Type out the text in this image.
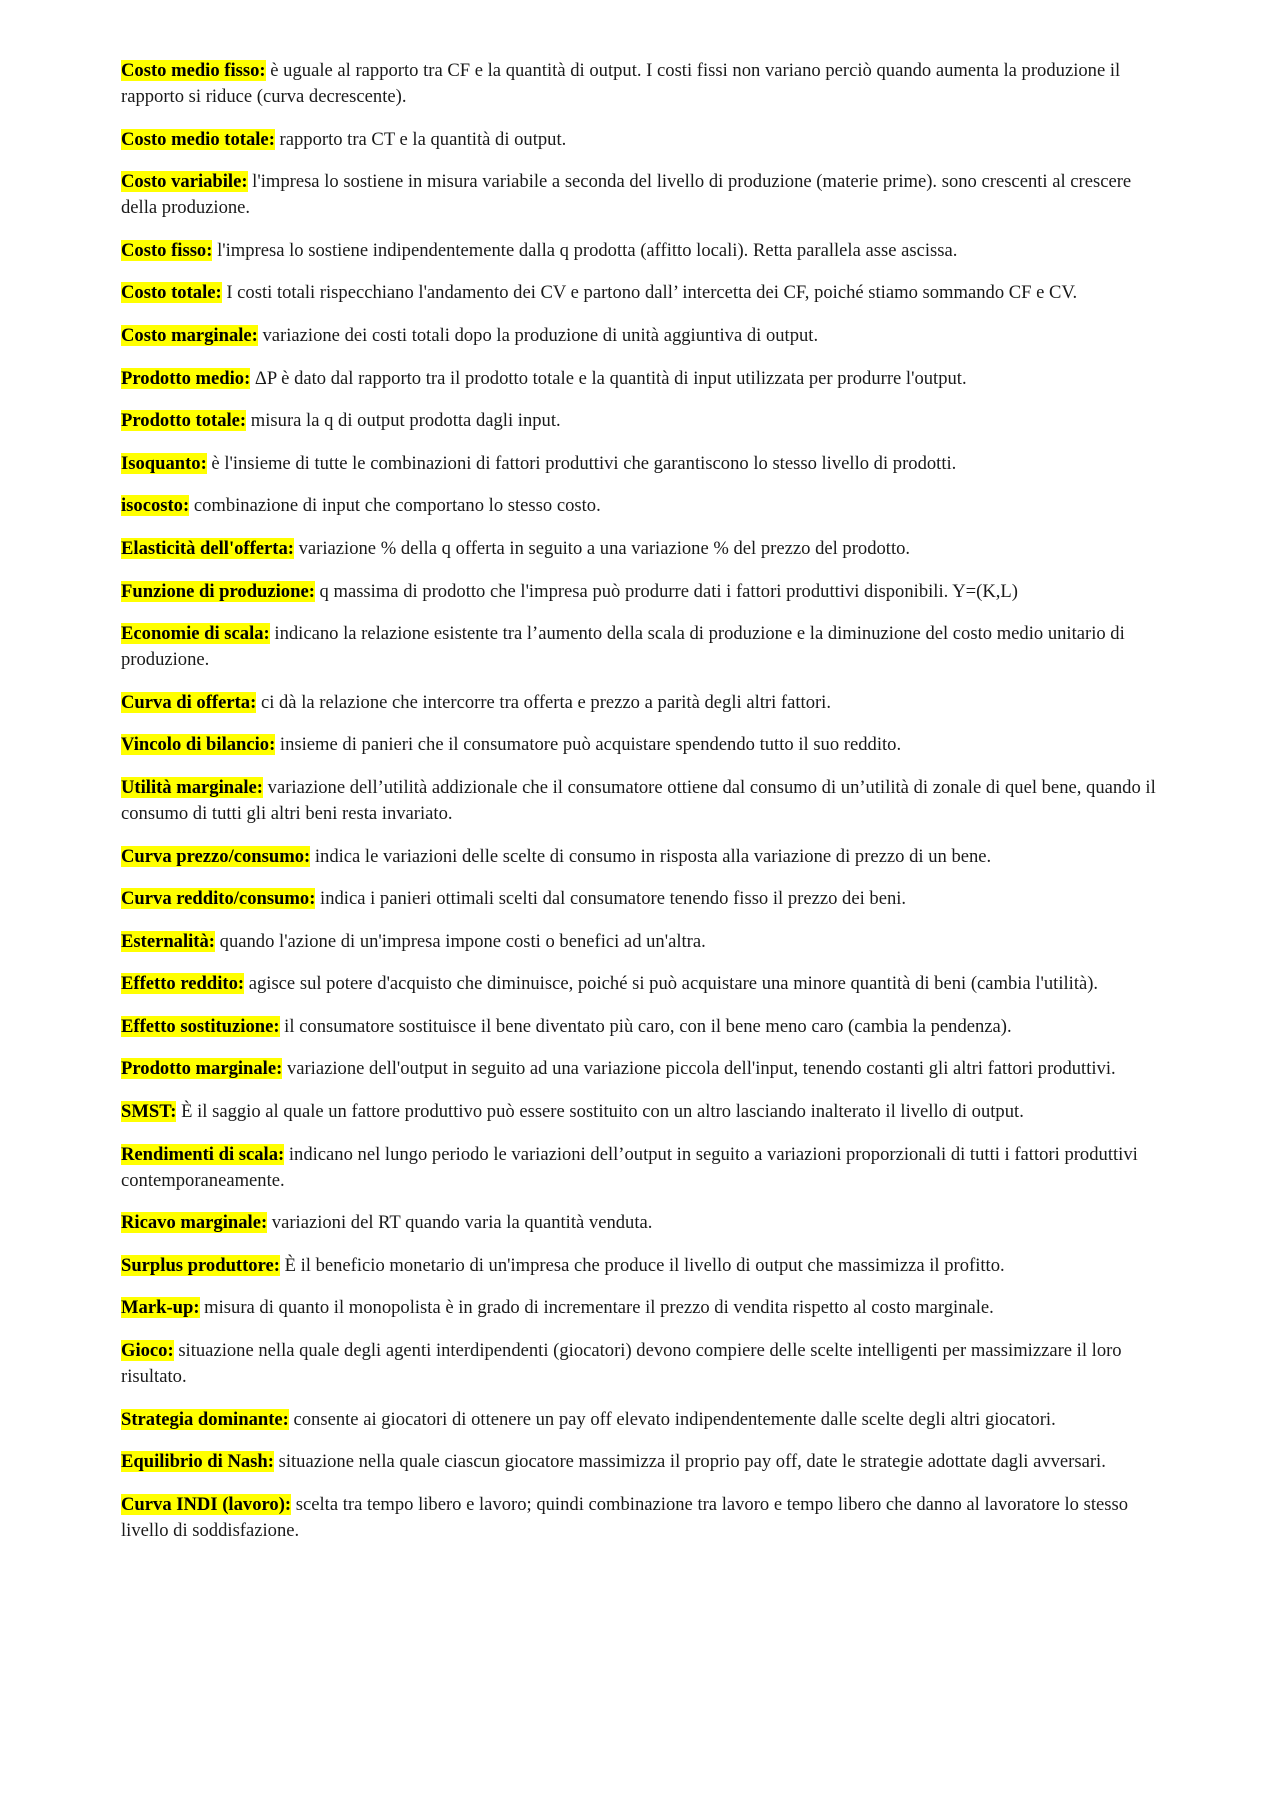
Costo medio fisso: è uguale al rapporto tra CF e la quantità di output. I costi fissi non variano perciò quando aumenta la produzione il rapporto si riduce (curva decrescente).

Costo medio totale: rapporto tra CT e la quantità di output.

Costo variabile: l'impresa lo sostiene in misura variabile a seconda del livello di produzione (materie prime). sono crescenti al crescere della produzione.

Costo fisso: l'impresa lo sostiene indipendentemente dalla q prodotta (affitto locali). Retta parallela asse ascissa.

Costo totale: I costi totali rispecchiano l'andamento dei CV e partono dall’ intercetta dei CF, poiché stiamo sommando CF e CV.

Costo marginale: variazione dei costi totali dopo la produzione di unità aggiuntiva di output.

Prodotto medio: ΔP è dato dal rapporto tra il prodotto totale e la quantità di input utilizzata per produrre l'output.

Prodotto totale: misura la q di output prodotta dagli input.

Isoquanto: è l'insieme di tutte le combinazioni di fattori produttivi che garantiscono lo stesso livello di prodotti.

isocosto: combinazione di input che comportano lo stesso costo.

Elasticità dell'offerta: variazione % della q offerta in seguito a una variazione % del prezzo del prodotto.

Funzione di produzione: q massima di prodotto che l'impresa può produrre dati i fattori produttivi disponibili. Y=(K,L)

Economie di scala: indicano la relazione esistente tra l’aumento della scala di produzione e la diminuzione del costo medio unitario di produzione.

Curva di offerta: ci dà la relazione che intercorre tra offerta e prezzo a parità degli altri fattori.

Vincolo di bilancio: insieme di panieri che il consumatore può acquistare spendendo tutto il suo reddito.

Utilità marginale: variazione dell’utilità addizionale che il consumatore ottiene dal consumo di un’utilità di zonale di quel bene, quando il consumo di tutti gli altri beni resta invariato.

Curva prezzo/consumo: indica le variazioni delle scelte di consumo in risposta alla variazione di prezzo di un bene.

Curva reddito/consumo: indica i panieri ottimali scelti dal consumatore tenendo fisso il prezzo dei beni.

Esternalità: quando l'azione di un'impresa impone costi o benefici ad un'altra.

Effetto reddito: agisce sul potere d'acquisto che diminuisce, poiché si può acquistare una minore quantità di beni (cambia l'utilità).

Effetto sostituzione: il consumatore sostituisce il bene diventato più caro, con il bene meno caro (cambia la pendenza).

Prodotto marginale: variazione dell'output in seguito ad una variazione piccola dell'input, tenendo costanti gli altri fattori produttivi.

SMST: È il saggio al quale un fattore produttivo può essere sostituito con un altro lasciando inalterato il livello di output.

Rendimenti di scala: indicano nel lungo periodo le variazioni dell’output in seguito a variazioni proporzionali di tutti i fattori produttivi contemporaneamente.

Ricavo marginale: variazioni del RT quando varia la quantità venduta.

Surplus produttore: È il beneficio monetario di un'impresa che produce il livello di output che massimizza il profitto.

Mark-up: misura di quanto il monopolista è in grado di incrementare il prezzo di vendita rispetto al costo marginale.

Gioco: situazione nella quale degli agenti interdipendenti (giocatori) devono compiere delle scelte intelligenti per massimizzare il loro risultato.

Strategia dominante: consente ai giocatori di ottenere un pay off elevato indipendentemente dalle scelte degli altri giocatori.

Equilibrio di Nash: situazione nella quale ciascun giocatore massimizza il proprio pay off, date le strategie adottate dagli avversari.

Curva INDI (lavoro): scelta tra tempo libero e lavoro; quindi combinazione tra lavoro e tempo libero che danno al lavoratore lo stesso livello di soddisfazione.
